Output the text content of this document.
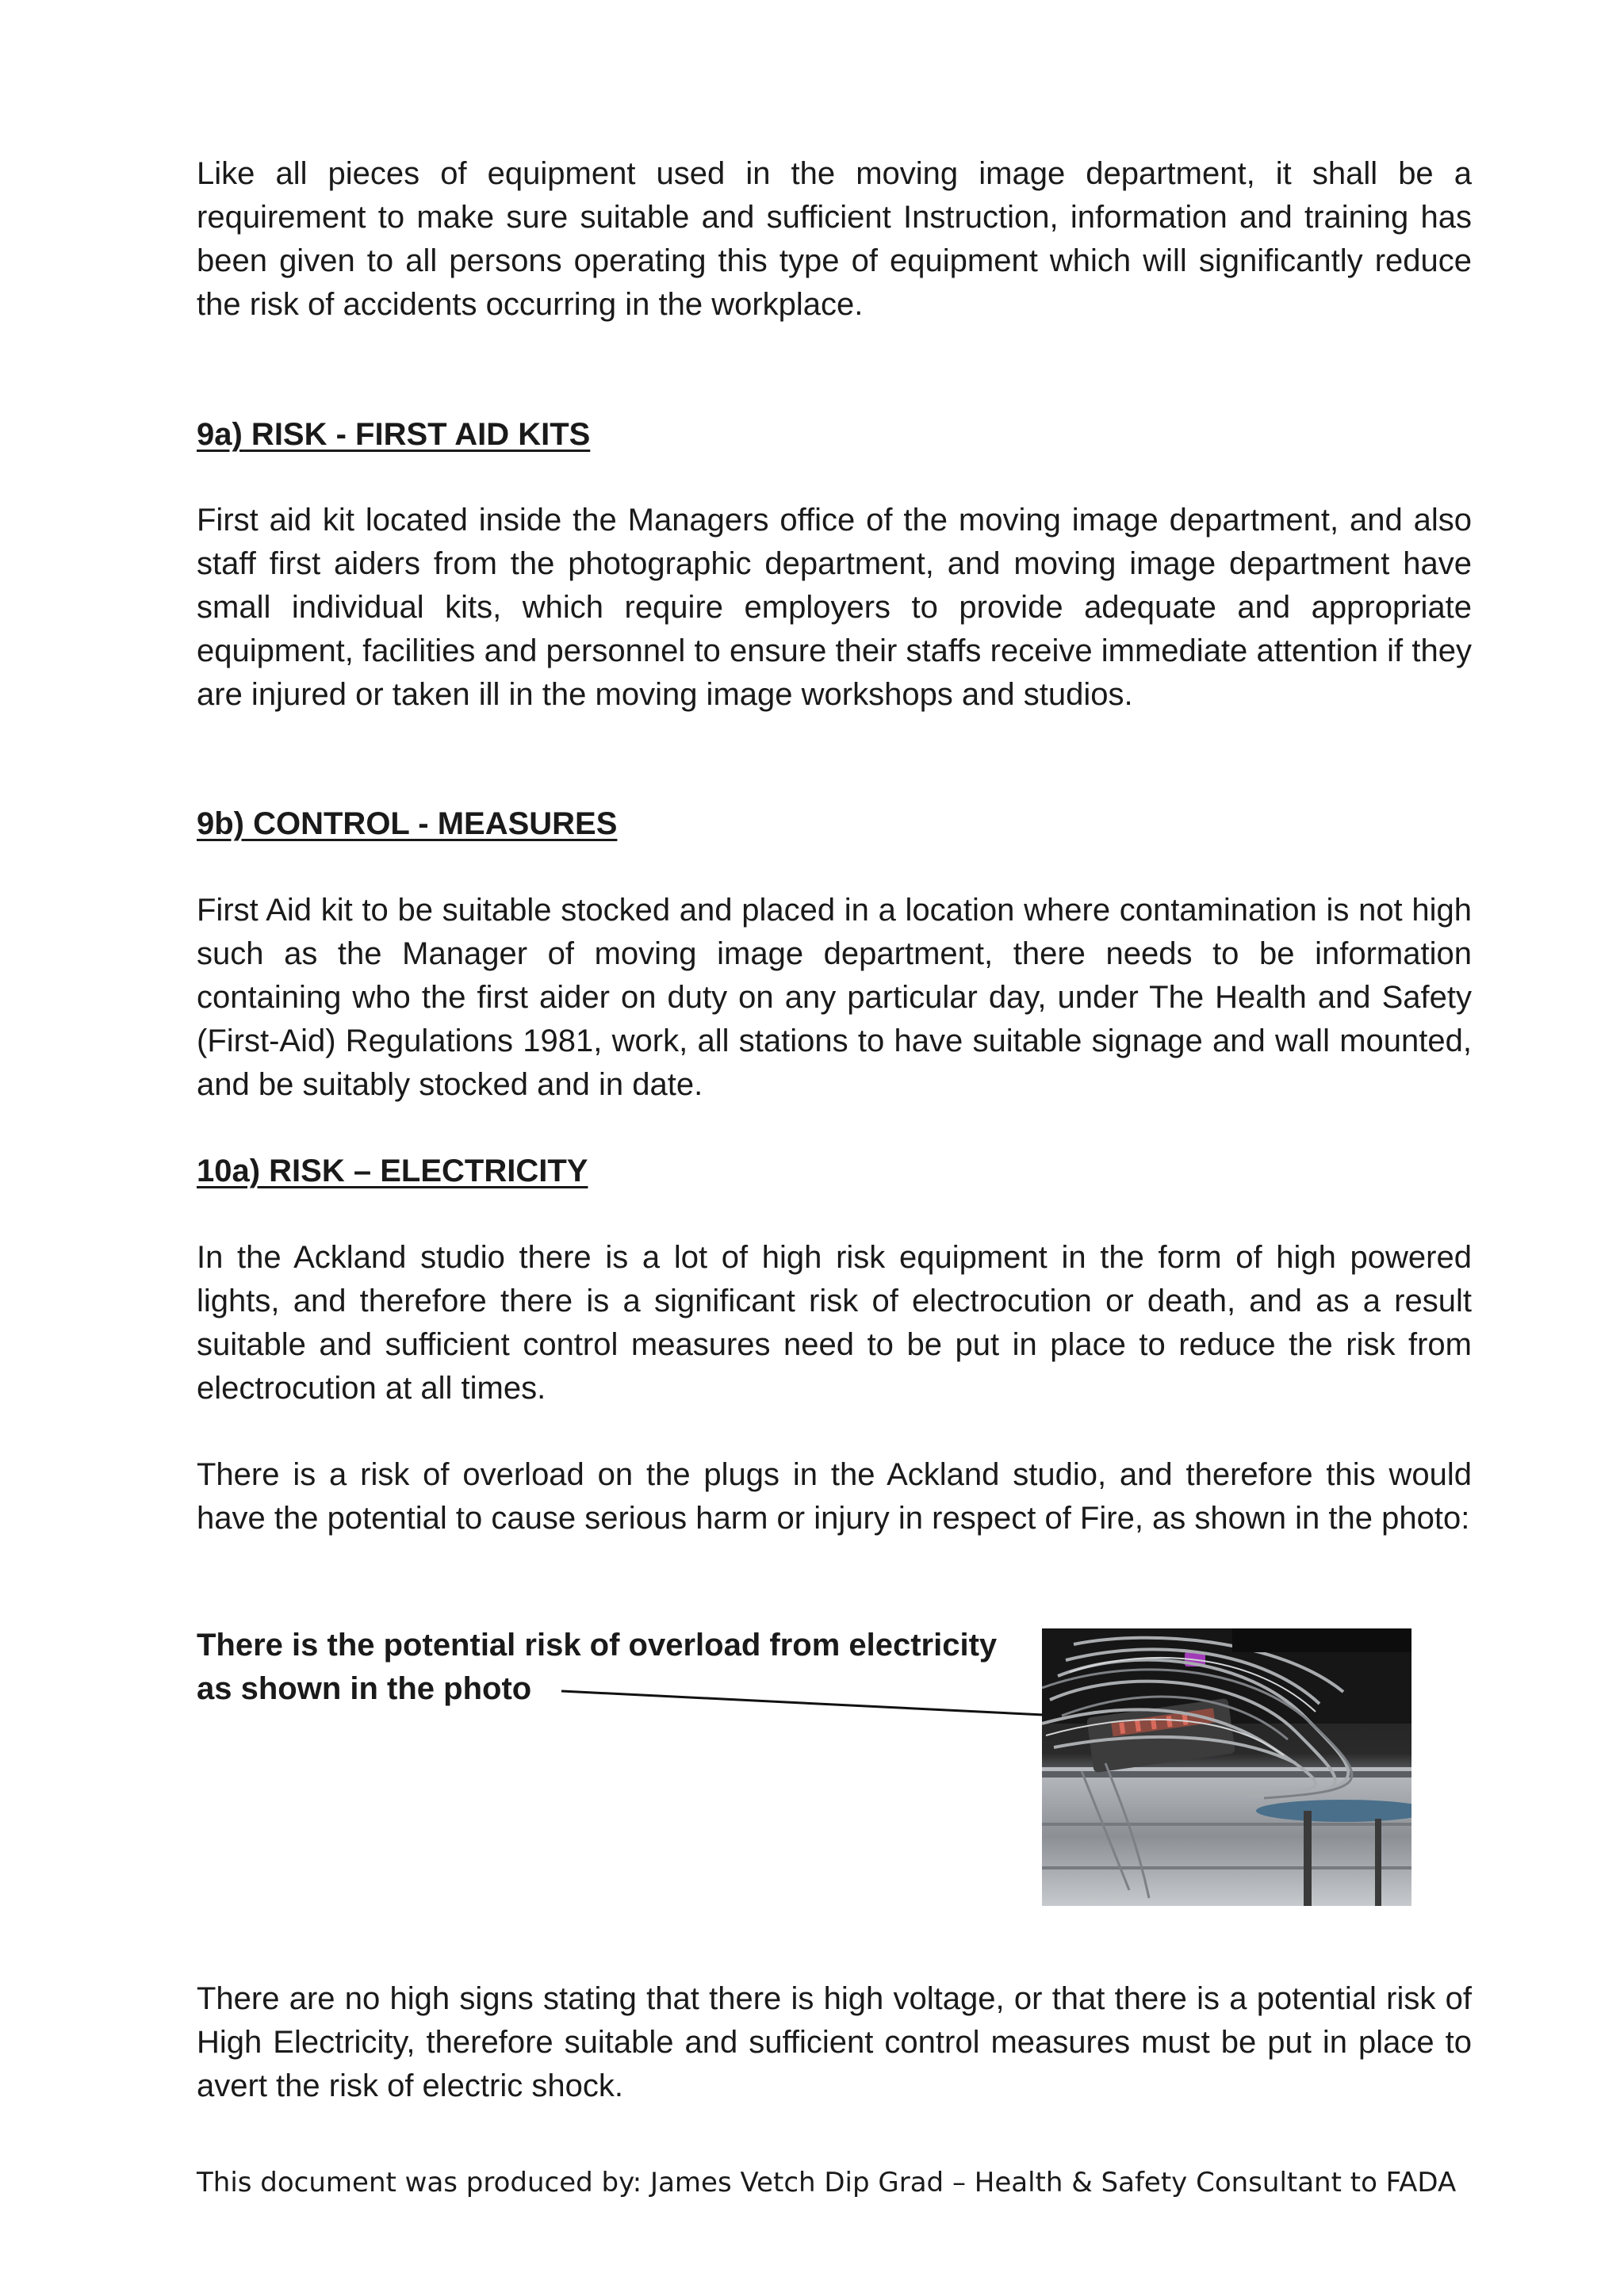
Like all pieces of equipment used in the moving image department, it shall be a requirement to make sure suitable and sufficient Instruction, information and training has been given to all persons operating this type of equipment which will significantly reduce the risk of accidents occurring in the workplace.

9a) RISK - FIRST AID KITS

First aid kit located inside the Managers office of the moving image department, and also staff first aiders from the photographic department, and moving image department have small individual kits, which require employers to provide adequate and appropriate equipment, facilities and personnel to ensure their staffs receive immediate attention if they are injured or taken ill in the moving image workshops and studios.

9b) CONTROL - MEASURES

First Aid kit to be suitable stocked and placed in a location where contamination is not high such as the Manager of moving image department, there needs to be information containing who the first aider on duty on any particular day, under The Health and Safety (First-Aid) Regulations 1981, work, all stations to have suitable signage and wall mounted, and be suitably stocked and in date.

10a) RISK – ELECTRICITY

In the Ackland studio there is a lot of high risk equipment in the form of high powered lights, and therefore there is a significant risk of electrocution or death, and as a result suitable and sufficient control measures need to be put in place to reduce the risk from electrocution at all times.

There is a risk of overload on the plugs in the Ackland studio, and therefore this would have the potential to cause serious harm or injury in respect of Fire, as shown in the photo:

There is the potential risk of overload from electricity
as shown in the photo

There are no high signs stating that there is high voltage, or that there is a potential risk of High Electricity, therefore suitable and sufficient control measures must be put in place to avert the risk of electric shock.

This document was produced by: James Vetch Dip Grad – Health & Safety Consultant to FADA
